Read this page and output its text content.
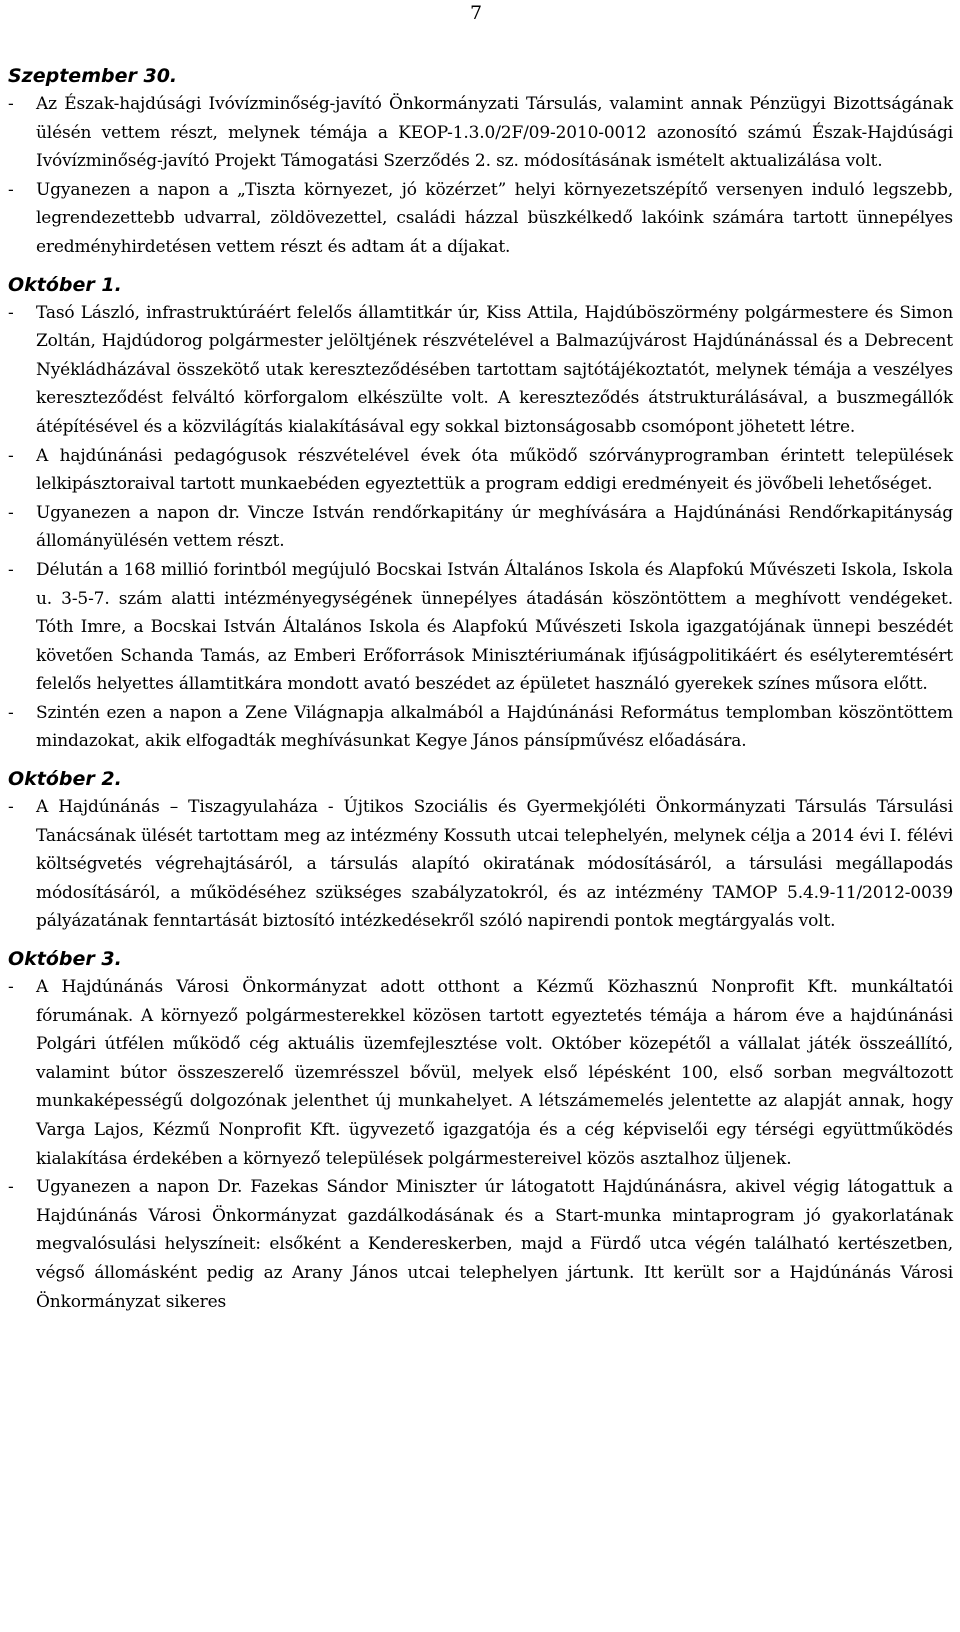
7
Szeptember 30.
-	Az Észak-hajdúsági Ivóvízminőség-javító Önkormányzati Társulás, valamint annak Pénzügyi Bizottságának ülésén vettem részt, melynek témája a KEOP-1.3.0/2F/09-2010-0012 azonosító számú Észak-Hajdúsági Ivóvízminőség-javító Projekt Támogatási Szerződés 2. sz. módosításának ismételt aktualizálása volt.
-	Ugyanezen a napon a „Tiszta környezet, jó közérzet” helyi környezetszépítő versenyen induló legszebb, legrendezettebb udvarral, zöldövezettel, családi házzal büszkélkedő lakóink számára tartott ünnepélyes eredményhirdetésen vettem részt és adtam át a díjakat.
Október 1.
-	Tasó László, infrastruktúráért felelős államtitkár úr, Kiss Attila, Hajdúböszörmény polgármestere és Simon Zoltán, Hajdúdorog polgármester jelöltjének részvételével a Balmazújvárost Hajdúnánással és a Debrecent Nyékládházával összekötő utak kereszteződésében tartottam sajtótájékoztatót, melynek témája a veszélyes kereszteződést felváltó körforgalom elkészülte volt. A kereszteződés átstrukturálásával, a buszmegállók átépítésével és a közvilágítás kialakításával egy sokkal biztonságosabb csomópont jöhetett létre.
-	A hajdúnánási pedagógusok részvételével évek óta működő szórványprogramban érintett települések lelkipásztoraival tartott munkaebéden egyeztettük a program eddigi eredményeit és jövőbeli lehetőséget.
-	Ugyanezen a napon dr. Vincze István rendőrkapitány úr meghívására a Hajdúnánási Rendőrkapitányság állományülésén vettem részt.
-	Délután a 168 millió forintból megújuló Bocskai István Általános Iskola és Alapfokú Művészeti Iskola, Iskola u. 3-5-7. szám alatti intézményegységének ünnepélyes átadásán köszöntöttem a meghívott vendégeket. Tóth Imre, a Bocskai István Általános Iskola és Alapfokú Művészeti Iskola igazgatójának ünnepi beszédét követően Schanda Tamás, az Emberi Erőforrások Minisztériumának ifjúságpolitikáért és esélyteremtésért felelős helyettes államtitkára mondott avató beszédet az épületet használó gyerekek színes műsora előtt.
-	Szintén ezen a napon a Zene Világnapja alkalmából a Hajdúnánási Református templomban köszöntöttem mindazokat, akik elfogadták meghívásunkat Kegye János pánsípművész előadására.
Október 2.
-	A Hajdúnánás – Tiszagyulaháza - Újtikos Szociális és Gyermekjóléti Önkormányzati Társulás Társulási Tanácsának ülését tartottam meg az intézmény Kossuth utcai telephelyén, melynek célja a 2014 évi I. félévi költségvetés végrehajtásáról, a társulás alapító okiratának módosításáról, a társulási megállapodás módosításáról, a működéséhez szükséges szabályzatokról, és az intézmény TAMOP 5.4.9-11/2012-0039 pályázatának fenntartását biztosító intézkedésekről szóló napirendi pontok megtárgyalás volt.
Október 3.
-	A Hajdúnánás Városi Önkormányzat adott otthont a Kézmű Közhasznú Nonprofit Kft. munkáltatói fórumának. A környező polgármesterekkel közösen tartott egyeztetés témája a három éve a hajdúnánási Polgári útfélen működő cég aktuális üzemfejlesztése volt. Október közepétől a vállalat játék összeállító, valamint bútor összeszerelő üzemrésszel bővül, melyek első lépésként 100, első sorban megváltozott munkaképességű dolgozónak jelenthet új munkahelyet. A létszámemelés jelentette az alapját annak, hogy Varga Lajos, Kézmű Nonprofit Kft. ügyvezető igazgatója és a cég képviselői egy térségi együttműködés kialakítása érdekében a környező települések polgármestereivel közös asztalhoz üljenek.
-	Ugyanezen a napon Dr. Fazekas Sándor Miniszter úr látogatott Hajdúnánásra, akivel végig látogattuk a Hajdúnánás Városi Önkormányzat gazdálkodásának és a Start-munka mintaprogram jó gyakorlatának megvalósulási helyszíneit: elsőként a Kendereskerben, majd a Fürdő utca végén található kertészetben, végső állomásként pedig az Arany János utcai telephelyen jártunk. Itt került sor a Hajdúnánás Városi Önkormányzat sikeres
